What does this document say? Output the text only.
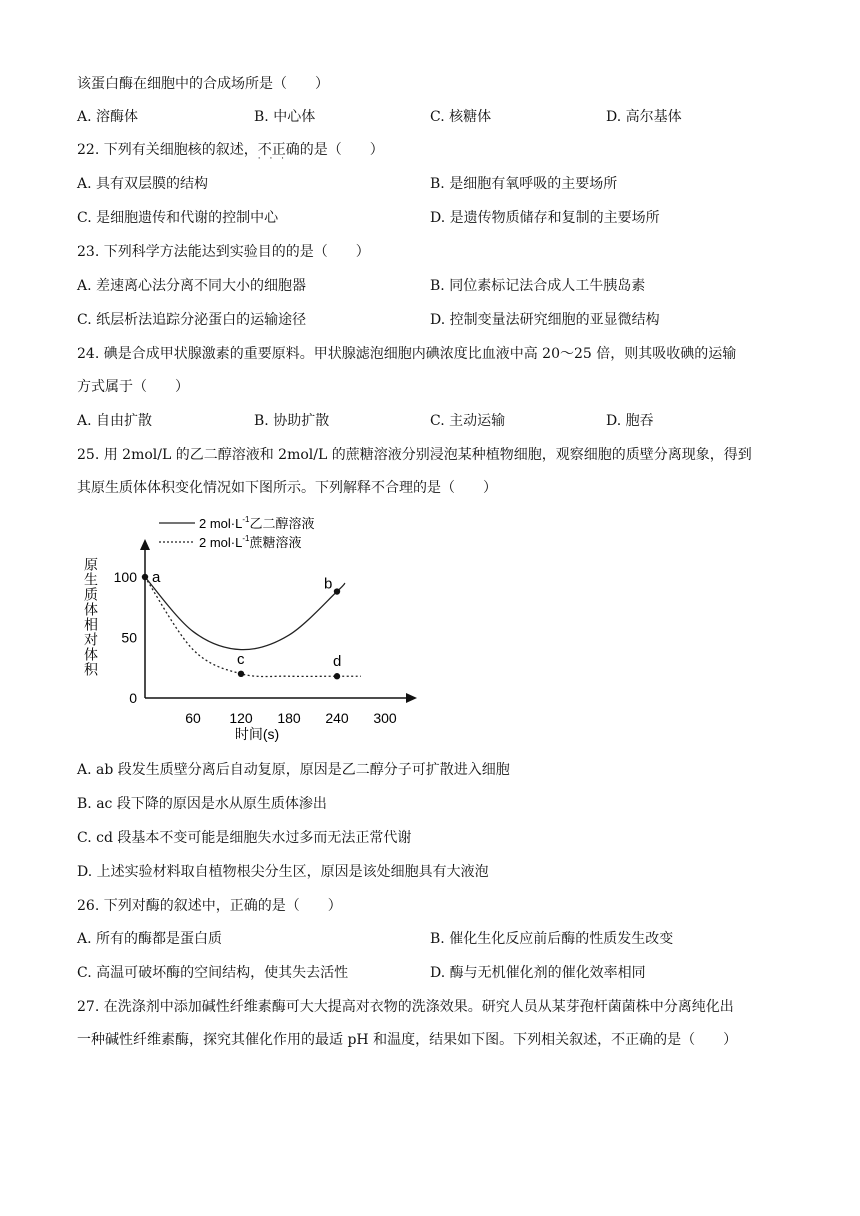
该蛋白酶在细胞中的合成场所是（　　）
A. 溶酶体	B. 中心体	C. 核糖体	D. 高尔基体
22. 下列有关细胞核的叙述，不正确 · · ·的是（　　）
A. 具有双层膜的结构	B. 是细胞有氧呼吸的主要场所
C. 是细胞遗传和代谢的控制中心	D. 是遗传物质储存和复制的主要场所
23. 下列科学方法能达到实验目的的是（　　）
A. 差速离心法分离不同大小的细胞器	B. 同位素标记法合成人工牛胰岛素
C. 纸层析法追踪分泌蛋白的运输途径	D. 控制变量法研究细胞的亚显微结构
24. 碘是合成甲状腺激素的重要原料。甲状腺滤泡细胞内碘浓度比血液中高 20～25 倍，则其吸收碘的运输
方式属于（　　）
A. 自由扩散	B. 协助扩散	C. 主动运输	D. 胞吞
25. 用 2mol/L 的乙二醇溶液和 2mol/L 的蔗糖溶液分别浸泡某种植物细胞，观察细胞的质壁分离现象，得到
其原生质体体积变化情况如下图所示。下列解释不合理的是（　　）
2 $mol\cdot L^{-1}$乙二醇溶液
2 $mol\cdot L^{-1}$蔗糖溶液
原生质体相对体积
时间(s)
60 120 180 240 300
0
50
100 a	b
c	d
A. ab 段发生质壁分离后自动复原，原因是乙二醇分子可扩散进入细胞
B. ac 段下降的原因是水从原生质体渗出
C. cd 段基本不变可能是细胞失水过多而无法正常代谢
D. 上述实验材料取自植物根尖分生区，原因是该处细胞具有大液泡
26. 下列对酶的叙述中，正确的是（　　）
A. 所有的酶都是蛋白质	B. 催化生化反应前后酶的性质发生改变
C. 高温可破坏酶的空间结构，使其失去活性	D. 酶与无机催化剂的催化效率相同
27. 在洗涤剂中添加碱性纤维素酶可大大提高对衣物的洗涤效果。研究人员从某芽孢杆菌菌株中分离纯化出
一种碱性纤维素酶，探究其催化作用的最适 pH 和温度，结果如下图。下列相关叙述，不正确的是（　　）
